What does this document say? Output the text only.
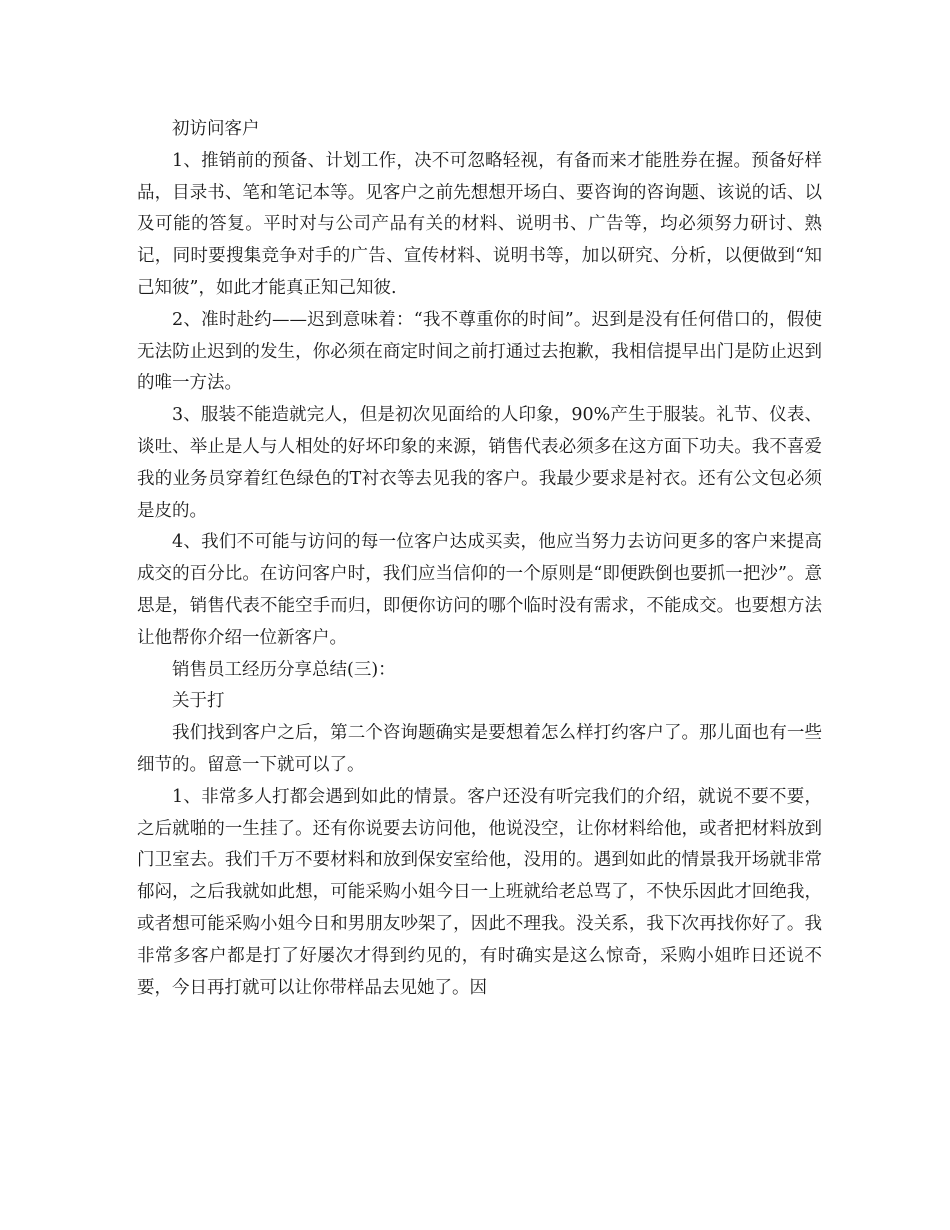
初访问客户

1、推销前的预备、计划工作，决不可忽略轻视，有备而来才能胜券在握。预备好样品，目录书、笔和笔记本等。见客户之前先想想开场白、要咨询的咨询题、该说的话、以及可能的答复。平时对与公司产品有关的材料、说明书、广告等，均必须努力研讨、熟记，同时要搜集竞争对手的广告、宣传材料、说明书等，加以研究、分析，以便做到“知己知彼”，如此才能真正知己知彼.

2、准时赴约——迟到意味着：“我不尊重你的时间”。迟到是没有任何借口的，假使无法防止迟到的发生，你必须在商定时间之前打通过去抱歉，我相信提早出门是防止迟到的唯一方法。

3、服装不能造就完人，但是初次见面给的人印象，90%产生于服装。礼节、仪表、谈吐、举止是人与人相处的好坏印象的来源，销售代表必须多在这方面下功夫。我不喜爱我的业务员穿着红色绿色的T衬衣等去见我的客户。我最少要求是衬衣。还有公文包必须是皮的。

4、我们不可能与访问的每一位客户达成买卖，他应当努力去访问更多的客户来提高成交的百分比。在访问客户时，我们应当信仰的一个原则是“即便跌倒也要抓一把沙”。意思是，销售代表不能空手而归，即便你访问的哪个临时没有需求，不能成交。也要想方法让他帮你介绍一位新客户。

销售员工经历分享总结(三)：

关于打

我们找到客户之后，第二个咨询题确实是要想着怎么样打约客户了。那儿面也有一些细节的。留意一下就可以了。

1、非常多人打都会遇到如此的情景。客户还没有听完我们的介绍，就说不要不要，之后就啪的一生挂了。还有你说要去访问他，他说没空，让你材料给他，或者把材料放到门卫室去。我们千万不要材料和放到保安室给他，没用的。遇到如此的情景我开场就非常郁闷，之后我就如此想，可能采购小姐今日一上班就给老总骂了，不快乐因此才回绝我，或者想可能采购小姐今日和男朋友吵架了，因此不理我。没关系，我下次再找你好了。我非常多客户都是打了好屡次才得到约见的，有时确实是这么惊奇，采购小姐昨日还说不要，今日再打就可以让你带样品去见她了。因
